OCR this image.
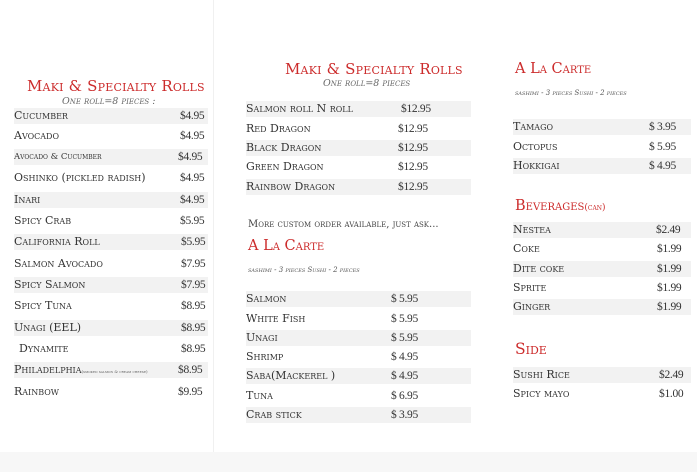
Maki & Specialty Rolls
One roll=8 pieces :
Cucumber	$4.95
Avocado	$4.95
Avocado & Cucumber	$4.95
Oshinko (pickled radish)	$4.95
Inari	$4.95
Spicy Crab	$5.95
California Roll	$5.95
Salmon Avocado	$7.95
Spicy Salmon	$7.95
Spicy Tuna	$8.95
Unagi (EEL)	$8.95
Dynamite	$8.95
Philadelphia(smoked salmon & cream cheese)	$8.95
Rainbow	$9.95
Maki & Specialty Rolls
One roll=8 pieces
Salmon roll N roll	$12.95
Red Dragon	$12.95
Black Dragon	$12.95
Green Dragon	$12.95
Rainbow Dragon	$12.95
More custom order available, just ask...
A La Carte
sashimi - 3 pieces Sushi - 2 pieces
Salmon	$ 5.95
White Fish	$ 5.95
Unagi	$ 5.95
Shrimp	$ 4.95
Saba(Mackerel )	$ 4.95
Tuna	$ 6.95
Crab stick	$ 3.95
A La Carte
sashimi - 3 pieces Sushi - 2 pieces
Tamago	$ 3.95
Octopus	$ 5.95
Hokkigai	$ 4.95
Beverages(can)
Nestea	$2.49
Coke	$1.99
Dite coke	$1.99
Sprite	$1.99
Ginger	$1.99
Side
Sushi Rice	$2.49
Spicy mayo	$1.00
